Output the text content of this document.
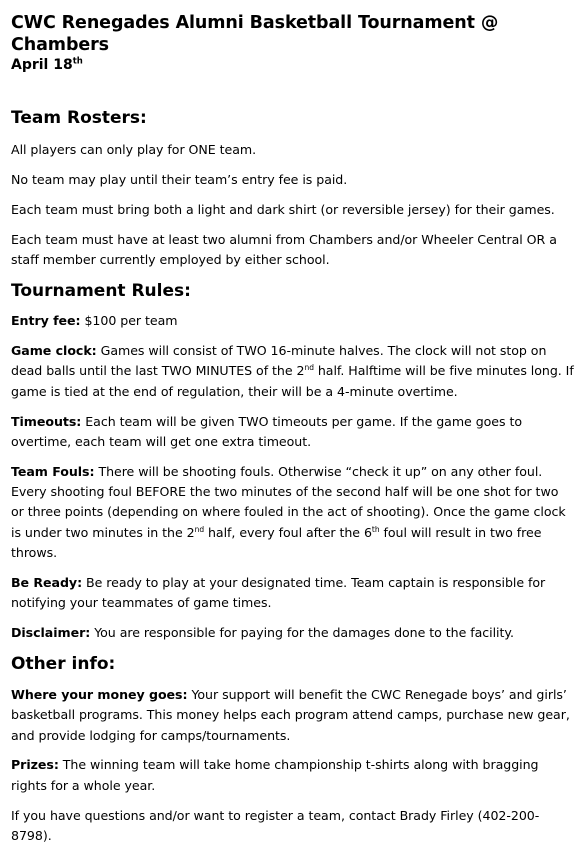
CWC Renegades Alumni Basketball Tournament @ Chambers
April 18th
Team Rosters:

All players can only play for ONE team.

No team may play until their team’s entry fee is paid.

Each team must bring both a light and dark shirt (or reversible jersey) for their games.

Each team must have at least two alumni from Chambers and/or Wheeler Central OR a staff member currently employed by either school.

Tournament Rules:

Entry fee: $100 per team

Game clock: Games will consist of TWO 16-minute halves. The clock will not stop on dead balls until the last TWO MINUTES of the 2nd half. Halftime will be five minutes long. If game is tied at the end of regulation, their will be a 4-minute overtime.

Timeouts: Each team will be given TWO timeouts per game. If the game goes to overtime, each team will get one extra timeout.

Team Fouls: There will be shooting fouls. Otherwise “check it up” on any other foul. Every shooting foul BEFORE the two minutes of the second half will be one shot for two or three points (depending on where fouled in the act of shooting). Once the game clock is under two minutes in the 2nd half, every foul after the 6th foul will result in two free throws.

Be Ready: Be ready to play at your designated time. Team captain is responsible for notifying your teammates of game times.

Disclaimer: You are responsible for paying for the damages done to the facility.

Other info:

Where your money goes: Your support will benefit the CWC Renegade boys’ and girls’ basketball programs. This money helps each program attend camps, purchase new gear, and provide lodging for camps/tournaments.

Prizes: The winning team will take home championship t-shirts along with bragging rights for a whole year.

If you have questions and/or want to register a team, contact Brady Firley (402-200-8798).
